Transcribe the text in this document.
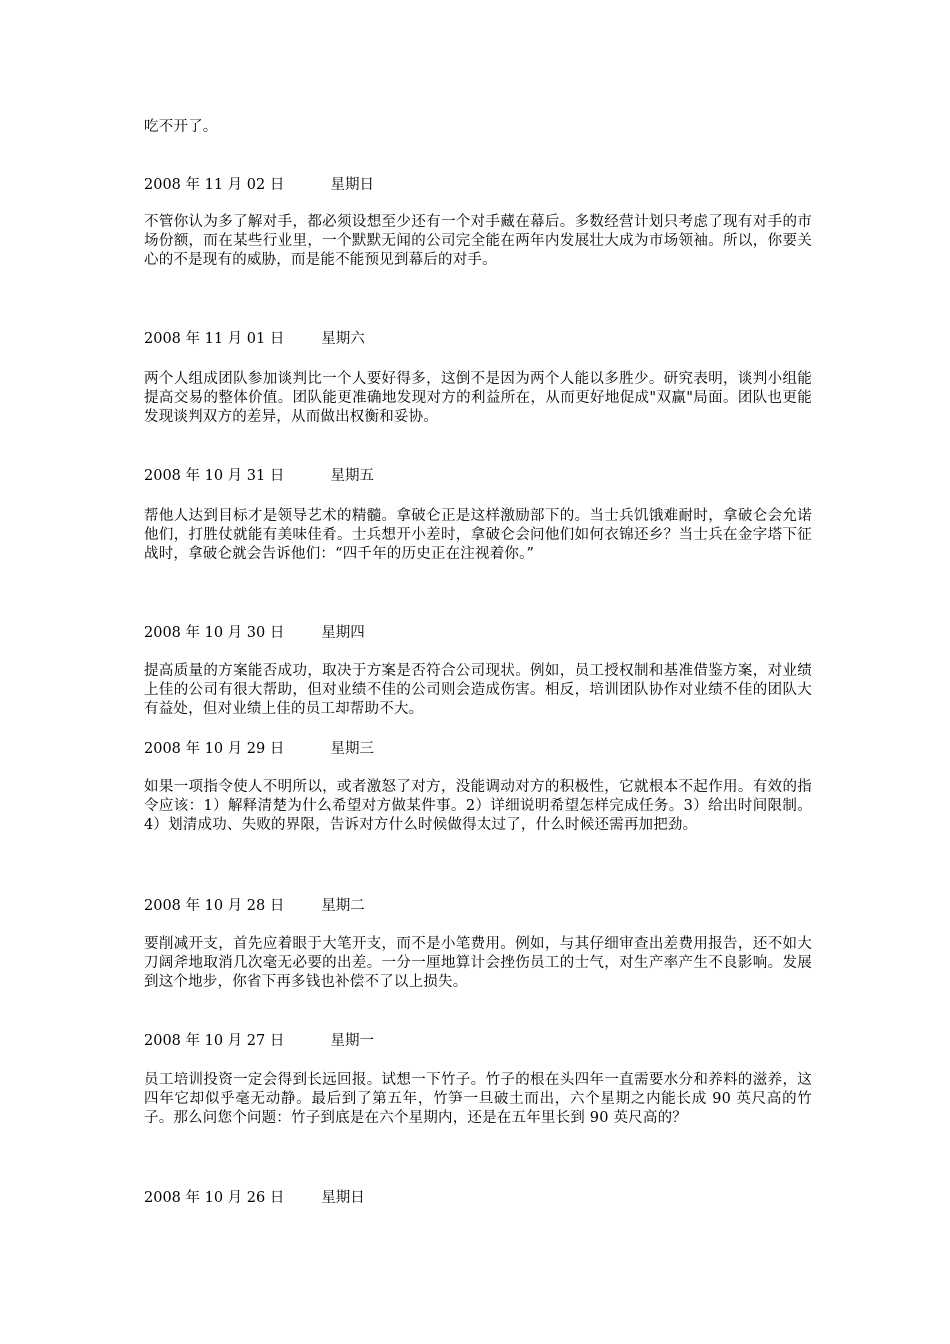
吃不开了。

2008 年 11 月 02 日	星期日

不管你认为多了解对手，都必须设想至少还有一个对手藏在幕后。多数经营计划只考虑了现有对手的市场份额，而在某些行业里，一个默默无闻的公司完全能在两年内发展壮大成为市场领袖。所以，你要关心的不是现有的威胁，而是能不能预见到幕后的对手。

2008 年 11 月 01 日	星期六

两个人组成团队参加谈判比一个人要好得多，这倒不是因为两个人能以多胜少。研究表明，谈判小组能提高交易的整体价值。团队能更准确地发现对方的利益所在，从而更好地促成"双赢"局面。团队也更能发现谈判双方的差异，从而做出权衡和妥协。

2008 年 10 月 31 日	星期五

帮他人达到目标才是领导艺术的精髓。拿破仑正是这样激励部下的。当士兵饥饿难耐时，拿破仑会允诺他们，打胜仗就能有美味佳肴。士兵想开小差时，拿破仑会问他们如何衣锦还乡？当士兵在金字塔下征战时，拿破仑就会告诉他们：“四千年的历史正在注视着你。”

2008 年 10 月 30 日	星期四

提高质量的方案能否成功，取决于方案是否符合公司现状。例如，员工授权制和基准借鉴方案，对业绩上佳的公司有很大帮助，但对业绩不佳的公司则会造成伤害。相反，培训团队协作对业绩不佳的团队大有益处，但对业绩上佳的员工却帮助不大。

2008 年 10 月 29 日	星期三

如果一项指令使人不明所以，或者激怒了对方，没能调动对方的积极性，它就根本不起作用。有效的指令应该：1）解释清楚为什么希望对方做某件事。2）详细说明希望怎样完成任务。3）给出时间限制。4）划清成功、失败的界限，告诉对方什么时候做得太过了，什么时候还需再加把劲。

2008 年 10 月 28 日	星期二

要削减开支，首先应着眼于大笔开支，而不是小笔费用。例如，与其仔细审查出差费用报告，还不如大刀阔斧地取消几次毫无必要的出差。一分一厘地算计会挫伤员工的士气，对生产率产生不良影响。发展到这个地步，你省下再多钱也补偿不了以上损失。

2008 年 10 月 27 日	星期一

员工培训投资一定会得到长远回报。试想一下竹子。竹子的根在头四年一直需要水分和养料的滋养，这四年它却似乎毫无动静。最后到了第五年，竹笋一旦破土而出，六个星期之内能长成 90 英尺高的竹子。那么问您个问题：竹子到底是在六个星期内，还是在五年里长到 90 英尺高的？

2008 年 10 月 26 日	星期日
